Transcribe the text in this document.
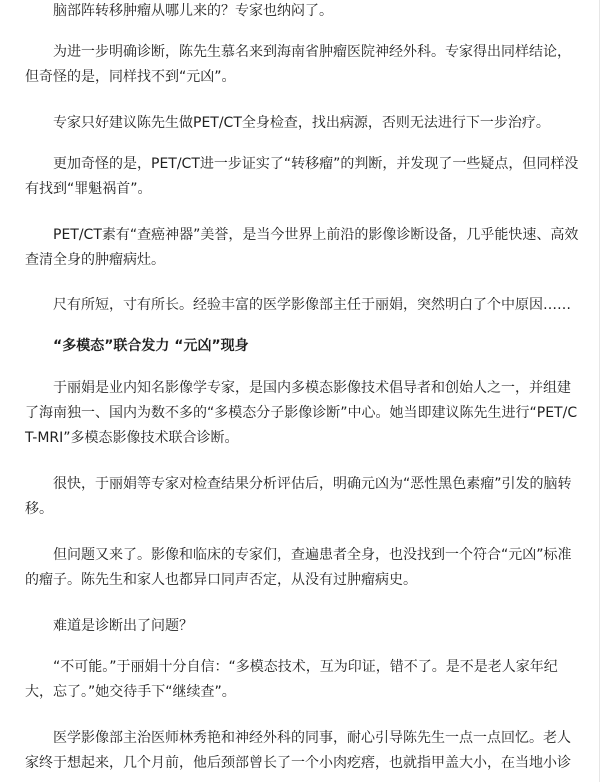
脑部阵转移肿瘤从哪儿来的？专家也纳闷了。

为进一步明确诊断，陈先生慕名来到海南省肿瘤医院神经外科。专家得出同样结论，但奇怪的是，同样找不到“元凶”。

专家只好建议陈先生做PET/CT全身检查，找出病源，否则无法进行下一步治疗。

更加奇怪的是，PET/CT进一步证实了“转移瘤”的判断，并发现了一些疑点，但同样没有找到“罪魁祸首”。

PET/CT素有“查癌神器”美誉，是当今世界上前沿的影像诊断设备，几乎能快速、高效查清全身的肿瘤病灶。

尺有所短，寸有所长。经验丰富的医学影像部主任于丽娟，突然明白了个中原因……

“多模态”联合发力 “元凶”现身

于丽娟是业内知名影像学专家，是国内多模态影像技术倡导者和创始人之一，并组建了海南独一、国内为数不多的“多模态分子影像诊断”中心。她当即建议陈先生进行“PET/CT-MRI”多模态影像技术联合诊断。

很快，于丽娟等专家对检查结果分析评估后，明确元凶为“恶性黑色素瘤”引发的脑转移。

但问题又来了。影像和临床的专家们，查遍患者全身，也没找到一个符合“元凶”标准的瘤子。陈先生和家人也都异口同声否定，从没有过肿瘤病史。

难道是诊断出了问题？

“不可能。”于丽娟十分自信：“多模态技术，互为印证，错不了。是不是老人家年纪大，忘了。”她交待手下“继续查”。

医学影像部主治医师林秀艳和神经外科的同事，耐心引导陈先生一点一点回忆。老人家终于想起来，几个月前，他后颈部曾长了一个小肉疙瘩，也就指甲盖大小，在当地小诊
